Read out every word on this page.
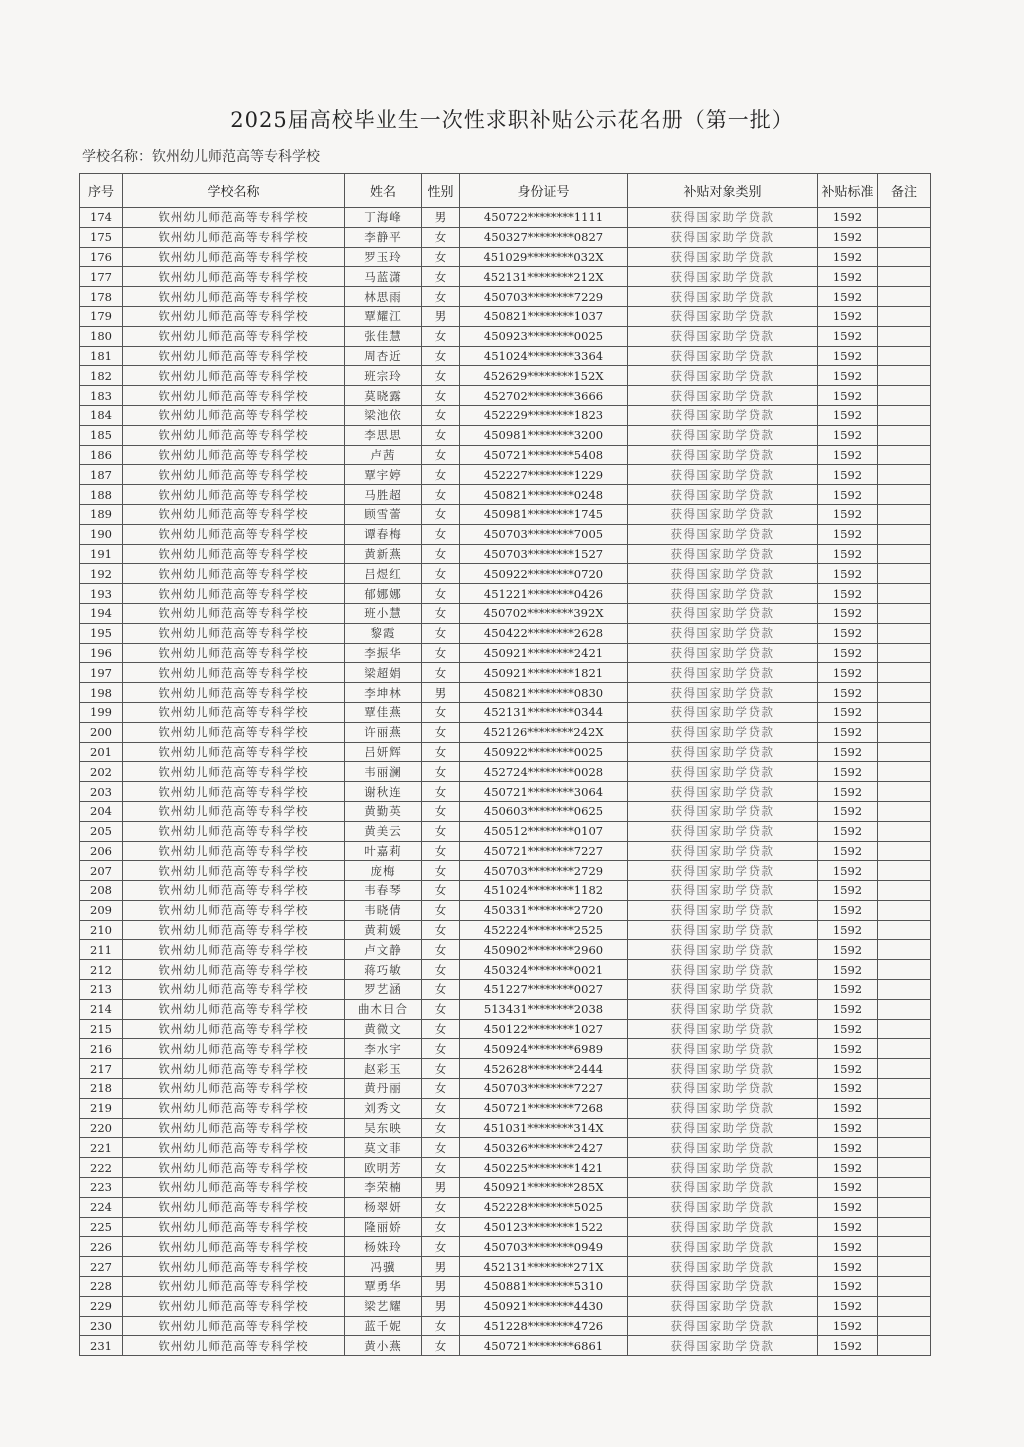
2025届高校毕业生一次性求职补贴公示花名册（第一批）
学校名称：钦州幼儿师范高等专科学校
序号	学校名称	姓名	性别	身份证号	补贴对象类别	补贴标准	备注
174	钦州幼儿师范高等专科学校	丁海峰	男	450722********1111	获得国家助学贷款	1592	
175	钦州幼儿师范高等专科学校	李静平	女	450327********0827	获得国家助学贷款	1592	
176	钦州幼儿师范高等专科学校	罗玉玲	女	451029********032X	获得国家助学贷款	1592	
177	钦州幼儿师范高等专科学校	马蓝潇	女	452131********212X	获得国家助学贷款	1592	
178	钦州幼儿师范高等专科学校	林思雨	女	450703********7229	获得国家助学贷款	1592	
179	钦州幼儿师范高等专科学校	覃耀江	男	450821********1037	获得国家助学贷款	1592	
180	钦州幼儿师范高等专科学校	张佳慧	女	450923********0025	获得国家助学贷款	1592	
181	钦州幼儿师范高等专科学校	周杏近	女	451024********3364	获得国家助学贷款	1592	
182	钦州幼儿师范高等专科学校	班宗玲	女	452629********152X	获得国家助学贷款	1592	
183	钦州幼儿师范高等专科学校	莫晓露	女	452702********3666	获得国家助学贷款	1592	
184	钦州幼儿师范高等专科学校	梁池依	女	452229********1823	获得国家助学贷款	1592	
185	钦州幼儿师范高等专科学校	李思思	女	450981********3200	获得国家助学贷款	1592	
186	钦州幼儿师范高等专科学校	卢茜	女	450721********5408	获得国家助学贷款	1592	
187	钦州幼儿师范高等专科学校	覃宇婷	女	452227********1229	获得国家助学贷款	1592	
188	钦州幼儿师范高等专科学校	马胜超	女	450821********0248	获得国家助学贷款	1592	
189	钦州幼儿师范高等专科学校	顾雪蕾	女	450981********1745	获得国家助学贷款	1592	
190	钦州幼儿师范高等专科学校	谭春梅	女	450703********7005	获得国家助学贷款	1592	
191	钦州幼儿师范高等专科学校	黄新燕	女	450703********1527	获得国家助学贷款	1592	
192	钦州幼儿师范高等专科学校	吕煜红	女	450922********0720	获得国家助学贷款	1592	
193	钦州幼儿师范高等专科学校	郁娜娜	女	451221********0426	获得国家助学贷款	1592	
194	钦州幼儿师范高等专科学校	班小慧	女	450702********392X	获得国家助学贷款	1592	
195	钦州幼儿师范高等专科学校	黎霞	女	450422********2628	获得国家助学贷款	1592	
196	钦州幼儿师范高等专科学校	李振华	女	450921********2421	获得国家助学贷款	1592	
197	钦州幼儿师范高等专科学校	梁超娟	女	450921********1821	获得国家助学贷款	1592	
198	钦州幼儿师范高等专科学校	李坤林	男	450821********0830	获得国家助学贷款	1592	
199	钦州幼儿师范高等专科学校	覃佳燕	女	452131********0344	获得国家助学贷款	1592	
200	钦州幼儿师范高等专科学校	许丽燕	女	452126********242X	获得国家助学贷款	1592	
201	钦州幼儿师范高等专科学校	吕妍辉	女	450922********0025	获得国家助学贷款	1592	
202	钦州幼儿师范高等专科学校	韦丽澜	女	452724********0028	获得国家助学贷款	1592	
203	钦州幼儿师范高等专科学校	谢秋连	女	450721********3064	获得国家助学贷款	1592	
204	钦州幼儿师范高等专科学校	黄勤英	女	450603********0625	获得国家助学贷款	1592	
205	钦州幼儿师范高等专科学校	黄美云	女	450512********0107	获得国家助学贷款	1592	
206	钦州幼儿师范高等专科学校	叶嘉莉	女	450721********7227	获得国家助学贷款	1592	
207	钦州幼儿师范高等专科学校	庞梅	女	450703********2729	获得国家助学贷款	1592	
208	钦州幼儿师范高等专科学校	韦春琴	女	451024********1182	获得国家助学贷款	1592	
209	钦州幼儿师范高等专科学校	韦晓倩	女	450331********2720	获得国家助学贷款	1592	
210	钦州幼儿师范高等专科学校	黄莉媛	女	452224********2525	获得国家助学贷款	1592	
211	钦州幼儿师范高等专科学校	卢文静	女	450902********2960	获得国家助学贷款	1592	
212	钦州幼儿师范高等专科学校	蒋巧敏	女	450324********0021	获得国家助学贷款	1592	
213	钦州幼儿师范高等专科学校	罗艺涵	女	451227********0027	获得国家助学贷款	1592	
214	钦州幼儿师范高等专科学校	曲木日合	女	513431********2038	获得国家助学贷款	1592	
215	钦州幼儿师范高等专科学校	黄微文	女	450122********1027	获得国家助学贷款	1592	
216	钦州幼儿师范高等专科学校	李水宇	女	450924********6989	获得国家助学贷款	1592	
217	钦州幼儿师范高等专科学校	赵彩玉	女	452628********2444	获得国家助学贷款	1592	
218	钦州幼儿师范高等专科学校	黄丹丽	女	450703********7227	获得国家助学贷款	1592	
219	钦州幼儿师范高等专科学校	刘秀文	女	450721********7268	获得国家助学贷款	1592	
220	钦州幼儿师范高等专科学校	吴东映	女	451031********314X	获得国家助学贷款	1592	
221	钦州幼儿师范高等专科学校	莫文菲	女	450326********2427	获得国家助学贷款	1592	
222	钦州幼儿师范高等专科学校	欧明芳	女	450225********1421	获得国家助学贷款	1592	
223	钦州幼儿师范高等专科学校	李荣楠	男	450921********285X	获得国家助学贷款	1592	
224	钦州幼儿师范高等专科学校	杨翠妍	女	452228********5025	获得国家助学贷款	1592	
225	钦州幼儿师范高等专科学校	隆丽娇	女	450123********1522	获得国家助学贷款	1592	
226	钦州幼儿师范高等专科学校	杨姝玲	女	450703********0949	获得国家助学贷款	1592	
227	钦州幼儿师范高等专科学校	冯骥	男	452131********271X	获得国家助学贷款	1592	
228	钦州幼儿师范高等专科学校	覃勇华	男	450881********5310	获得国家助学贷款	1592	
229	钦州幼儿师范高等专科学校	梁艺耀	男	450921********4430	获得国家助学贷款	1592	
230	钦州幼儿师范高等专科学校	蓝千妮	女	451228********4726	获得国家助学贷款	1592	
231	钦州幼儿师范高等专科学校	黄小燕	女	450721********6861	获得国家助学贷款	1592	
